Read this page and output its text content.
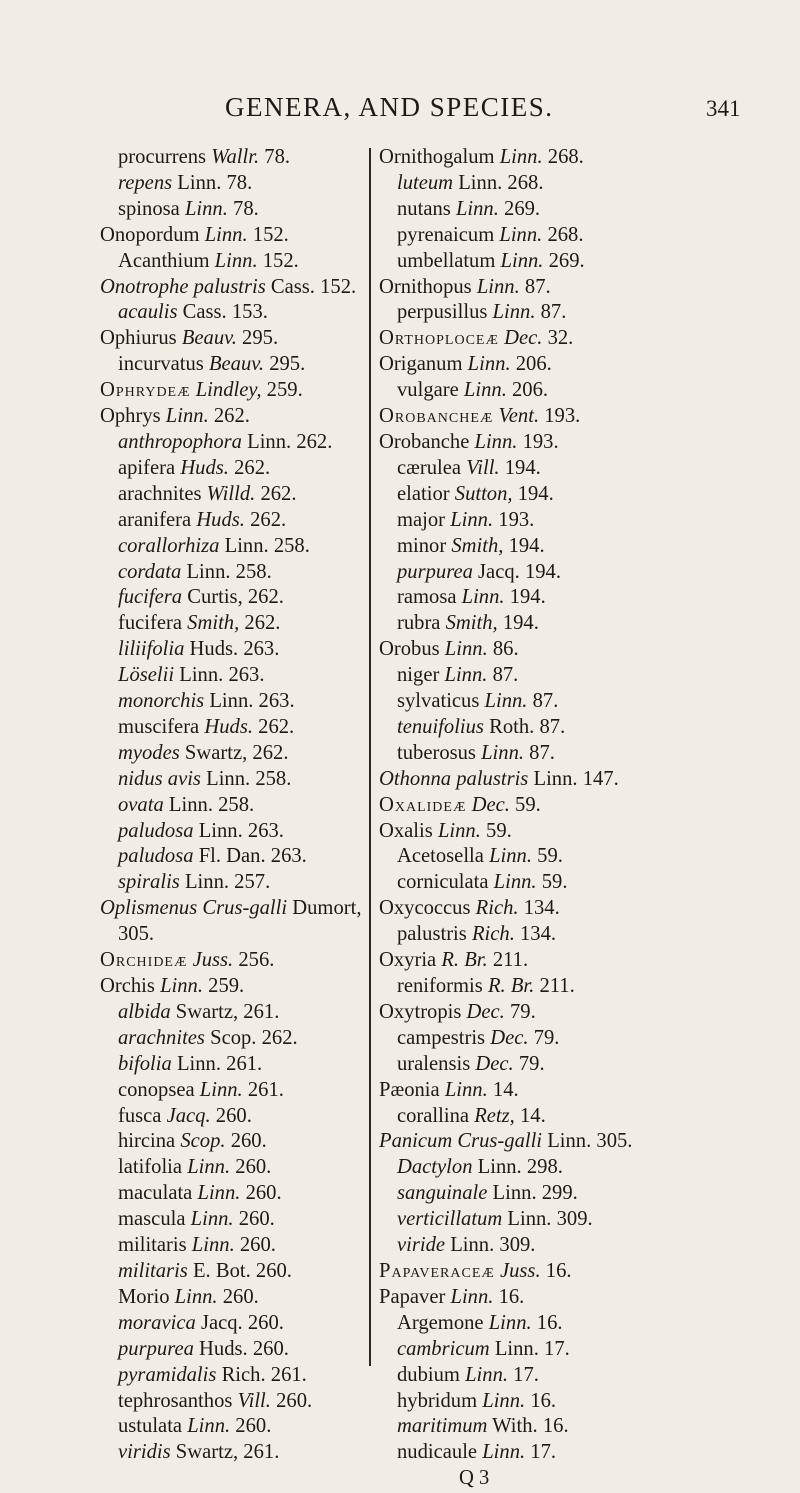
GENERA, AND SPECIES.	341
procurrens Wallr. 78.
repens Linn. 78.
spinosa Linn. 78.
Onopordum Linn. 152.
Acanthium Linn. 152.
Onotrophe palustris Cass. 152.
acaulis Cass. 153.
Ophiurus Beauv. 295.
incurvatus Beauv. 295.
Ophrydeæ Lindley, 259.
Ophrys Linn. 262.
anthropophora Linn. 262.
apifera Huds. 262.
arachnites Willd. 262.
aranifera Huds. 262.
corallorhiza Linn. 258.
cordata Linn. 258.
fucifera Curtis, 262.
fucifera Smith, 262.
liliifolia Huds. 263.
Löselii Linn. 263.
monorchis Linn. 263.
muscifera Huds. 262.
myodes Swartz, 262.
nidus avis Linn. 258.
ovata Linn. 258.
paludosa Linn. 263.
paludosa Fl. Dan. 263.
spiralis Linn. 257.
Oplismenus Crus-galli Dumort,
305.
Orchideæ Juss. 256.
Orchis Linn. 259.
albida Swartz, 261.
arachnites Scop. 262.
bifolia Linn. 261.
conopsea Linn. 261.
fusca Jacq. 260.
hircina Scop. 260.
latifolia Linn. 260.
maculata Linn. 260.
mascula Linn. 260.
militaris Linn. 260.
militaris E. Bot. 260.
Morio Linn. 260.
moravica Jacq. 260.
purpurea Huds. 260.
pyramidalis Rich. 261.
tephrosanthos Vill. 260.
ustulata Linn. 260.
viridis Swartz, 261.
Ornithogalum Linn. 268.
luteum Linn. 268.
nutans Linn. 269.
pyrenaicum Linn. 268.
umbellatum Linn. 269.
Ornithopus Linn. 87.
perpusillus Linn. 87.
Orthoploceæ Dec. 32.
Origanum Linn. 206.
vulgare Linn. 206.
Orobancheæ Vent. 193.
Orobanche Linn. 193.
cærulea Vill. 194.
elatior Sutton, 194.
major Linn. 193.
minor Smith, 194.
purpurea Jacq. 194.
ramosa Linn. 194.
rubra Smith, 194.
Orobus Linn. 86.
niger Linn. 87.
sylvaticus Linn. 87.
tenuifolius Roth. 87.
tuberosus Linn. 87.
Othonna palustris Linn. 147.
Oxalideæ Dec. 59.
Oxalis Linn. 59.
Acetosella Linn. 59.
corniculata Linn. 59.
Oxycoccus Rich. 134.
palustris Rich. 134.
Oxyria R. Br. 211.
reniformis R. Br. 211.
Oxytropis Dec. 79.
campestris Dec. 79.
uralensis Dec. 79.
Pæonia Linn. 14.
corallina Retz, 14.
Panicum Crus-galli Linn. 305.
Dactylon Linn. 298.
sanguinale Linn. 299.
verticillatum Linn. 309.
viride Linn. 309.
Papaveraceæ Juss. 16.
Papaver Linn. 16.
Argemone Linn. 16.
cambricum Linn. 17.
dubium Linn. 17.
hybridum Linn. 16.
maritimum With. 16.
nudicaule Linn. 17.
Q 3
